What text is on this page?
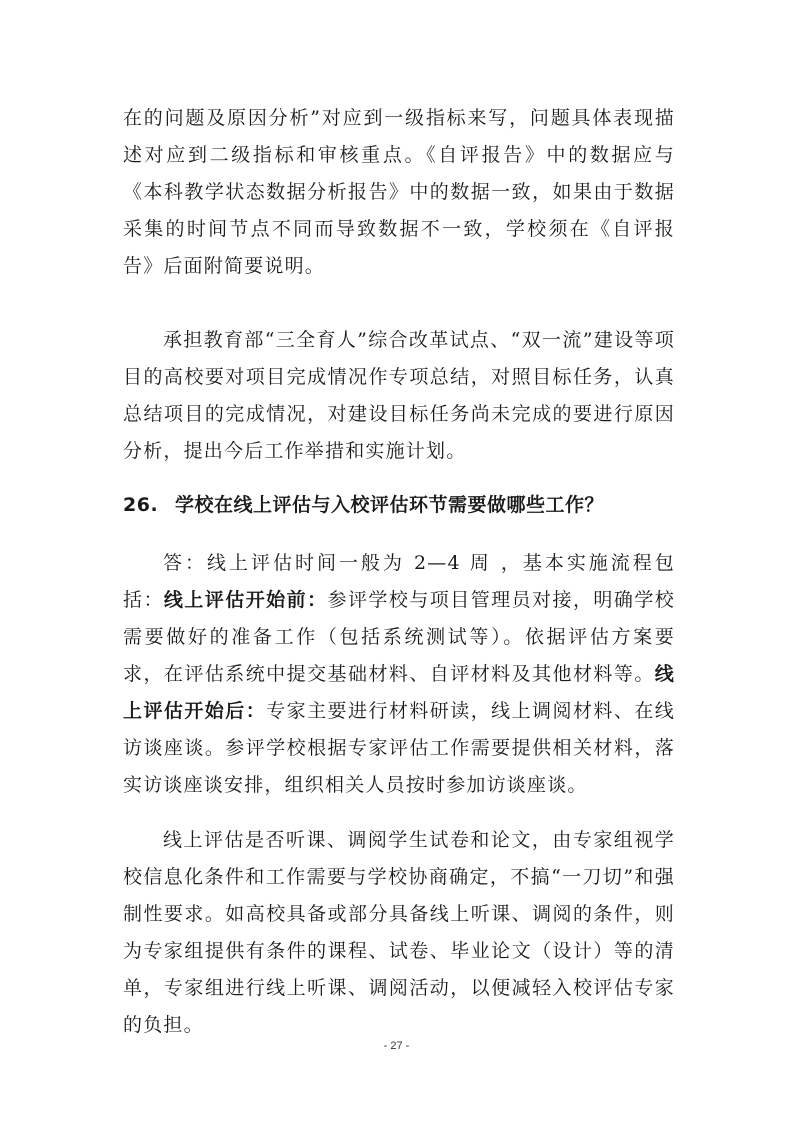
在的问题及原因分析”对应到一级指标来写，问题具体表现描述对应到二级指标和审核重点。《自评报告》中的数据应与《本科教学状态数据分析报告》中的数据一致，如果由于数据采集的时间节点不同而导致数据不一致，学校须在《自评报告》后面附简要说明。

承担教育部“三全育人”综合改革试点、“双一流”建设等项目的高校要对项目完成情况作专项总结，对照目标任务，认真总结项目的完成情况，对建设目标任务尚未完成的要进行原因分析，提出今后工作举措和实施计划。

26. 学校在线上评估与入校评估环节需要做哪些工作？

答：线上评估时间一般为 2—4 周 ，基本实施流程包括：线上评估开始前：参评学校与项目管理员对接，明确学校需要做好的准备工作（包括系统测试等）。依据评估方案要求，在评估系统中提交基础材料、自评材料及其他材料等。线上评估开始后：专家主要进行材料研读，线上调阅材料、在线访谈座谈。参评学校根据专家评估工作需要提供相关材料，落实访谈座谈安排，组织相关人员按时参加访谈座谈。

线上评估是否听课、调阅学生试卷和论文，由专家组视学校信息化条件和工作需要与学校协商确定，不搞“一刀切”和强制性要求。如高校具备或部分具备线上听课、调阅的条件，则为专家组提供有条件的课程、试卷、毕业论文（设计）等的清单，专家组进行线上听课、调阅活动，以便减轻入校评估专家的负担。

- 27 -
